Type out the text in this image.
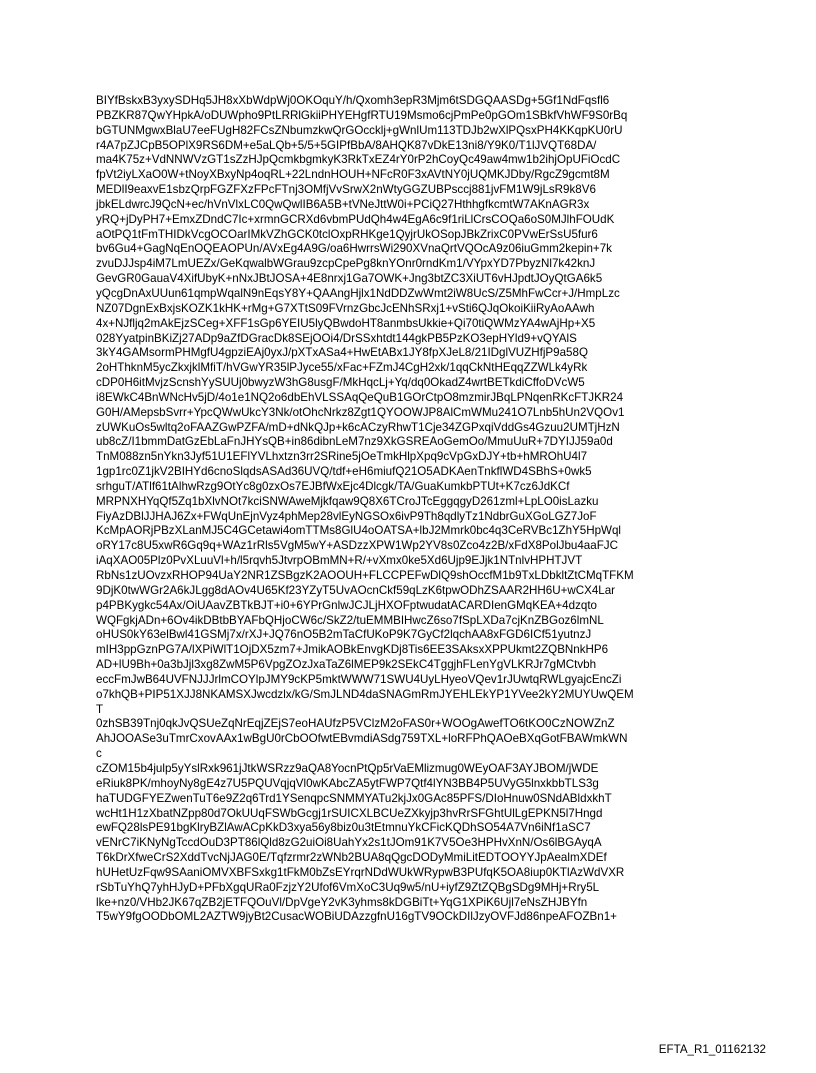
BIYfBskxB3yxySDHq5JH8xXbWdpWj0OKOquY/h/Qxomh3epR3Mjm6tSDGQAASDg+5Gf1NdFqsfl6
PBZKR87QwYHpkA/oDUWpho9PtLRRlGkiiPHYEHgfRTU19Msmo6cjPmPe0pGOm1SBkfVhWF9S0rBq
bGTUNMgwxBlaU7eeFUgH82FCsZNbumzkwQrGOccklj+gWnlUm113TDJb2wXlPQsxPH4KKqpKU0rU
r4A7pZJCpB5OPlX9RS6DM+e5aLQb+5/5+5GIPfBbA/8AHQK87vDkE13ni8/Y9K0/T1lJVQT68DA/
ma4K75z+VdNNWVzGT1sZzHJpQcmkbgmkyK3RkTxEZ4rY0rP2hCoyQc49aw4mw1b2ihjOpUFiOcdC
fpVt2iyLXaO0W+tNoyXBxyNp4oqRL+22LndnHOUH+NFcR0F3xAVtNY0jUQMKJDby/RgcZ9gcmt8M
MEDlI9eaxvE1sbzQrpFGZFXzFPcFTnj3OMfjVvSrwX2nWtyGGZUBPsccj881jvFM1W9jLsR9k8V6
jbkELdwrcJ9QcN+ec/hVnVlxLC0QwQwlIB6A5B+tVNeJttW0i+PCiQ27HthhgfkcmtW7AKnAGR3x
yRQ+jDyPH7+EmxZDndC7Ic+xrmnGCRXd6vbmPUdQh4w4EgA6c9f1riLlCrsCOQa6oS0MJlhFOUdK
aOtPQ1tFmTHIDkVcgOCOarIMkVZhGCK0tclOxpRHKge1QyjrUkOSopJBkZrixC0PVwErSsU5fur6
bv6Gu4+GagNqEnOQEAOPUn/AVxEg4A9G/oa6HwrrsWi290XVnaQrtVQOcA9z06iuGmm2kepin+7k
zvuDJJsp4iM7LmUEZx/GeKqwalbWGrau9zcpCpePg8knYOnr0rndKm1/VYpxYD7PbyzNl7k42knJ
GevGR0GauaV4XifUbyK+nNxJBtJOSA+4E8nrxj1Ga7OWK+Jng3btZC3XiUT6vHJpdtJOyQtGA6k5
yQcgDnAxUUun61qmpWqalN9nEqsY8Y+QAAngHjlx1NdDDZwWmt2iW8UcS/Z5MhFwCcr+J/HmpLzc
NZ07DgnExBxjsKOZK1kHK+rMg+G7XTtS09FVrnzGbcJcENhSRxj1+vSti6QJqOkoiKiiRyAoAAwh
4x+NJfljq2mAkEjzSCeg+XFF1sGp6YEIU5lyQBwdoHT8anmbsUkkie+Qi70tiQWMzYA4wAjHp+X5
028YyatpinBKiZj27ADp9aZfDGracDk8SEjOOi4/DrSSxhtdt144gkPB5PzKO3epHYld9+vQYAlS
3kY4GAMsormPHMgfU4gpziEAj0yxJ/pXTxASa4+HwEtABx1JY8fpXJeL8/21IDglVUZHfjP9a58Q
2oHThknM5ycZkxjklMfiT/hVGwYR35lPJyce55/xFac+FZmJ4CgH2xk/1qqCkNtHEqqZZWLk4yRk
cDP0H6itMvjzScnshYySUUj0bwyzW3hG8usgF/MkHqcLj+Yq/dq0OkadZ4wrtBETkdiCffoDVcW5
i8EWkC4BnWNcHv5jD/4o1e1NQ2o6dbEhVLSSAqQeQuB1GOrCtpO8mzmirJBqLPNqenRKcFTJKR24
G0H/AMepsbSvrr+YpcQWwUkcY3Nk/otOhcNrkz8Zgt1QYOOWJP8AlCmWMu241O7Lnb5hUn2VQOv1
zUWKuOs5wltq2oFAAZGwPZFA/mD+dNkQJp+k6cACzyRhwT1Cje34ZGPxqiVddGs4Gzuu2UMTjHzN
ub8cZ/I1bmmDatGzEbLaFnJHYsQB+in86dibnLeM7nz9XkGSREAoGemOo/MmuUuR+7DYIJJ59a0d
TnM088zn5nYkn3Jyf51U1EFlYVLhxtzn3rr2SRine5jOeTmkHlpXpq9cVpGxDJY+tb+hMROhU4l7
1gp1rc0Z1jkV2BIHYd6cnoSlqdsASAd36UVQ/tdf+eH6miufQ21O5ADKAenTnkflWD4SBhS+0wk5
srhguT/ATlf61tAlhwRzg9OtYc8g0zxOs7EJBfWxEjc4Dlcgk/TA/GuaKumkbPTUt+K7cz6JdKCf
MRPNXHYqQf5Zq1bXlvNOt7kciSNWAweMjkfqaw9Q8X6TCroJTcEggqgyD261zml+LpLO0isLazku
FiyAzDBlJJHAJ6Zx+FWqUnEjnVyz4phMep28vlEyNGSOx6ivP9Th8qdlyTz1NdbrGuXGoLGZ7JoF
KcMpAORjPBzXLanMJ5C4GCetawi4omTTMs8GlU4oOATSA+lbJ2Mmrk0bc4q3CeRVBc1ZhY5HpWql
oRY17c8U5xwR6Gq9q+WAz1rRls5VgM5wY+ASDzzXPW1Wp2YV8s0Zco4z2B/xFdX8PolJbu4aaFJC
iAqXAO05Plz0PvXLuuVl+h/l5rqvh5JtvrpOBmMN+R/+vXmx0ke5Xd6Ujp9EJjk1NTnlvHPHTJVT
RbNs1zUOvzxRHOP94UaY2NR1ZSBgzK2AOOUH+FLCCPEFwDlQ9shOccfM1b9TxLDbkltZtCMqTFKM
9DjK0twWGr2A6kJLgg8dAOv4U65Kf23YZyT5UvAOcnCkf59qLzK6tpwODhZSAAR2HH6U+wCX4Lar
p4PBKygkc54Ax/OiUAavZBTkBJT+i0+6YPrGnlwJCJLjHXOFptwudatACARDIenGMqKEA+4dzqto
WQFgkjADn+6Ov4ikDBtbBYAFbQHjoCW6c/SkZ2/tuEMMBIHwcZ6so7fSpLXDa7cjKnZBGoz6lmNL
oHUS0kY63elBwl41GSMj7x/rXJ+JQ76nO5B2mTaCfUKoP9K7GyCf2lqchAA8xFGD6ICf51yutnzJ
mIH3ppGznPG7A/lXPiWlT1OjDX5zm7+JmikAOBkEnvgKDj8Tis6EE3SAksxXPPUkmt2ZQBNnkHP6
AD+lU9Bh+0a3bJjl3xg8ZwM5P6VpgZOzJxaTaZ6lMEP9k2SEkC4TggjhFLenYgVLKRJr7gMCtvbh
eccFmJwB64UVFNJJJrlmCOYlpJMY9cKP5mktWWW71SWU4UyLHyeoVQev1rJUwtqRWLgyajcEncZi
o7khQB+PIP51XJJ8NKAMSXJwcdzlx/kG/SmJLND4daSNAGmRmJYEHLEkYP1YVee2kY2MUYUwQEM
T
0zhSB39Tnj0qkJvQSUeZqNrEqjZEjS7eoHAUfzP5VClzM2oFAS0r+WOOgAwefTO6tKO0CzNOWZnZ
AhJOOASe3uTmrCxovAAx1wBgU0rCbOOfwtEBvmdiASdg759TXL+loRFPhQAOeBXqGotFBAWmkWN
c
cZOM15b4julp5yYslRxk961jJtkWSRzz9aQA8YocnPtQp5rVaEMlizmug0WEyOAF3AYJBOM/jWDE
eRiuk8PK/mhoyNy8gE4z7U5PQUVqjqVl0wKAbcZA5ytFWP7Qtf4lYN3BB4P5UVyG5lnxkbbTLS3g
haTUDGFYEZwenTuT6e9Z2q6Trd1YSenqpcSNMMYATu2kjJx0GAc85PFS/DIoHnuw0SNdABldxkhT
wcHt1H1zXbatNZpp80d7OkUUqFSWbGcgj1rSUICXLBCUeZXkyjp3hvRrSFGhtUlLgEPKN5l7Hngd
ewFQ28lsPE91bgKlryBZlAwACpKkD3xya56y8biz0u3tEtmnuYkCFicKQDhSO54A7Vn6iNf1aSC7
vENrC7iKNyNgTccdOuD3PT86lQld8zG2uiOi8UahYx2s1tJOm91K7V5Oe3HPHvXnN/Os6lBGAyqA
T6kDrXfweCrS2XddTvcNjJAG0E/Tqfzrmr2zWNb2BUA8qQgcDODyMmiLitEDTOOYYJpAealmXDEf
hUHetUzFqw9SAaniOMVXBFSxkg1tFkM0bZsEYrqrNDdWUkWRypwB3PUfqK5OA8iup0KTlAzWdVXR
rSbTuYhQ7yhHJyD+PFbXgqURa0FzjzY2Ufof6VmXoC3Uq9w5/nU+iyfZ9ZtZQBgSDg9MHj+Rry5L
lke+nz0/VHb2JK67qZB2jETFQOuVl/DpVgeY2vK3yhms8kDGBiTt+YqG1XPiK6Ujl7eNsZHJBYfn
T5wY9fgOODbOML2AZTW9jyBt2CusacWOBiUDAzzgfnU16gTV9OCkDIlJzyOVFJd86npeAFOZBn1+
EFTA_R1_01162132
